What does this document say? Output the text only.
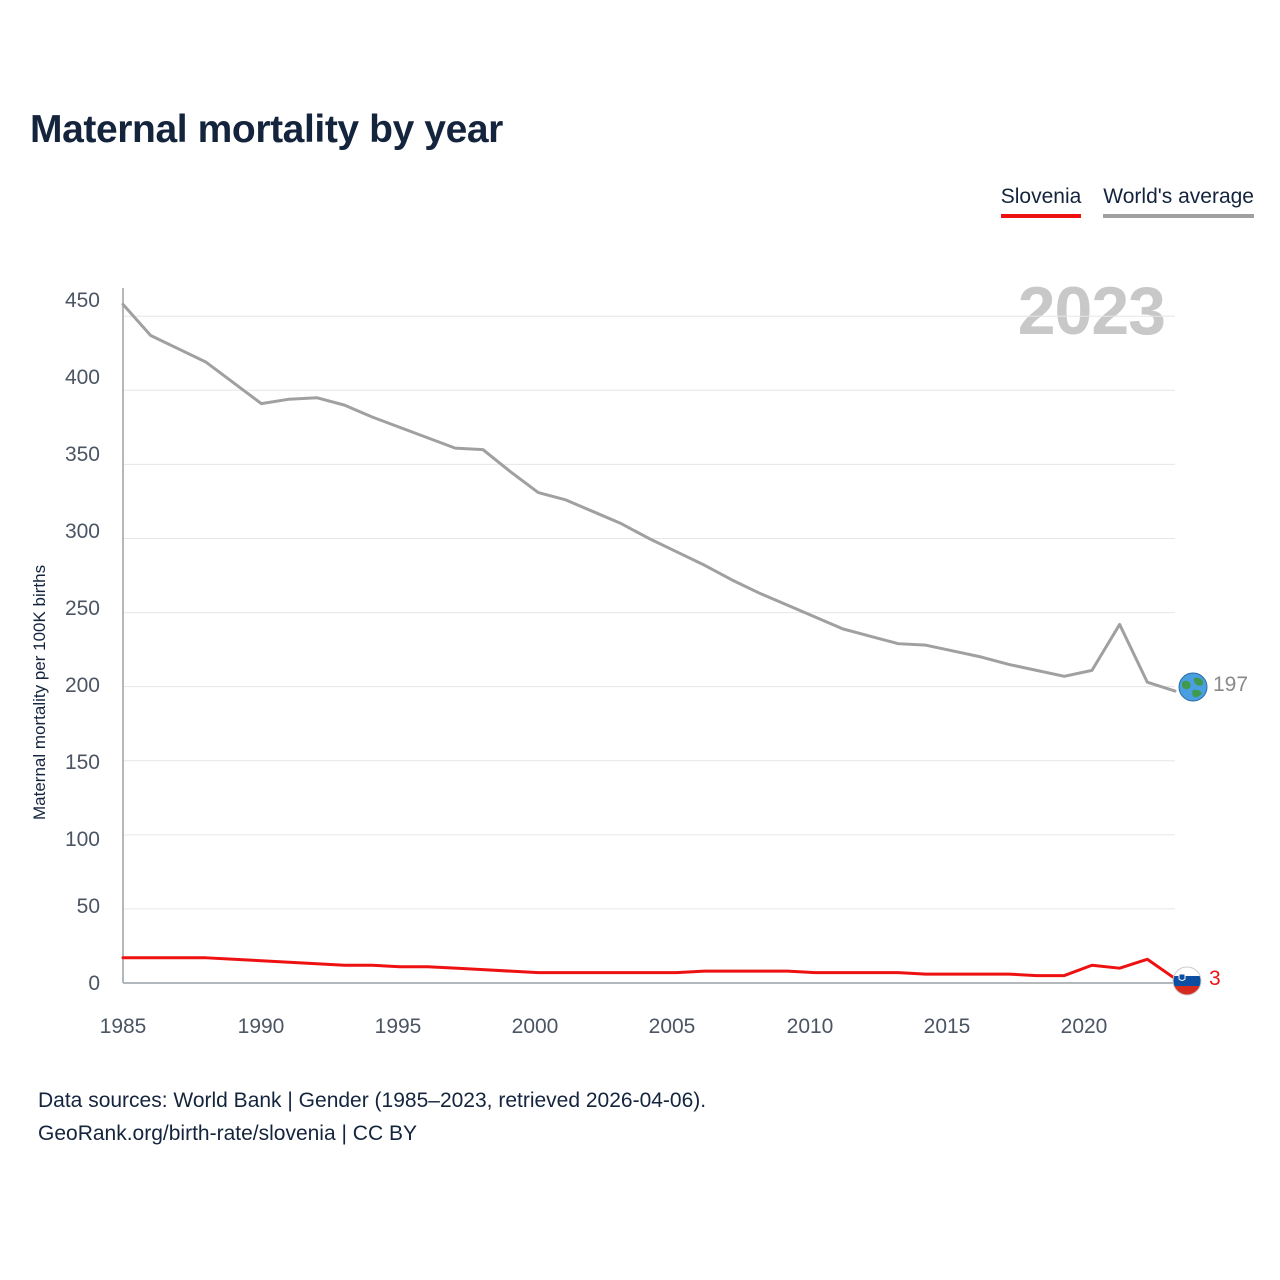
Maternal mortality by year
Slovenia World's average
2023
Maternal mortality per 100K births
450
400
350
300
250
200
150
100
50
0
1985	1990	1995	2000	2005	2010	2015	2020
197
3
Data sources: World Bank | Gender (1985–2023, retrieved 2026-04-06).
GeoRank.org/birth-rate/slovenia | CC BY
